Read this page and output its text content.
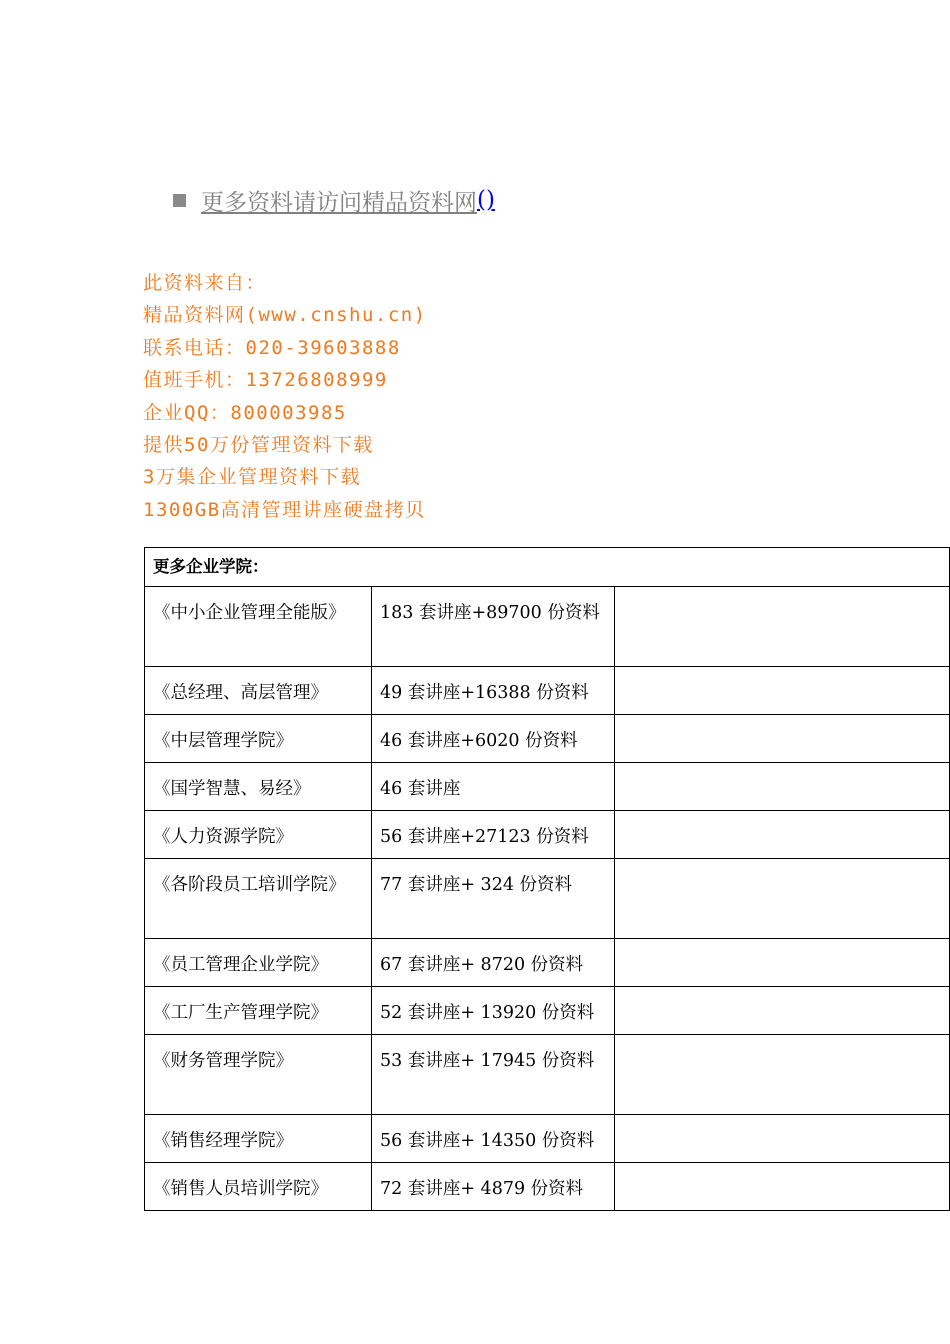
更多资料请访问精品资料网 ()
此资料来自：
精品资料网(www.cnshu.cn)
联系电话：020-39603888
值班手机：13726808999
企业QQ：800003985
提供50万份管理资料下载
3万集企业管理资料下载
1300GB高清管理讲座硬盘拷贝
更多企业学院：		
《中小企业管理全能版》	183 套讲座+89700 份资料	
《总经理、高层管理》	49 套讲座+16388 份资料	
《中层管理学院》	46 套讲座+6020 份资料	
《国学智慧、易经》	46 套讲座	
《人力资源学院》	56 套讲座+27123 份资料	
《各阶段员工培训学院》	77 套讲座+ 324 份资料	
《员工管理企业学院》	67 套讲座+ 8720 份资料	
《工厂生产管理学院》	52 套讲座+ 13920 份资料	
《财务管理学院》	53 套讲座+ 17945 份资料	
《销售经理学院》	56 套讲座+ 14350 份资料	
《销售人员培训学院》	72 套讲座+ 4879 份资料	
